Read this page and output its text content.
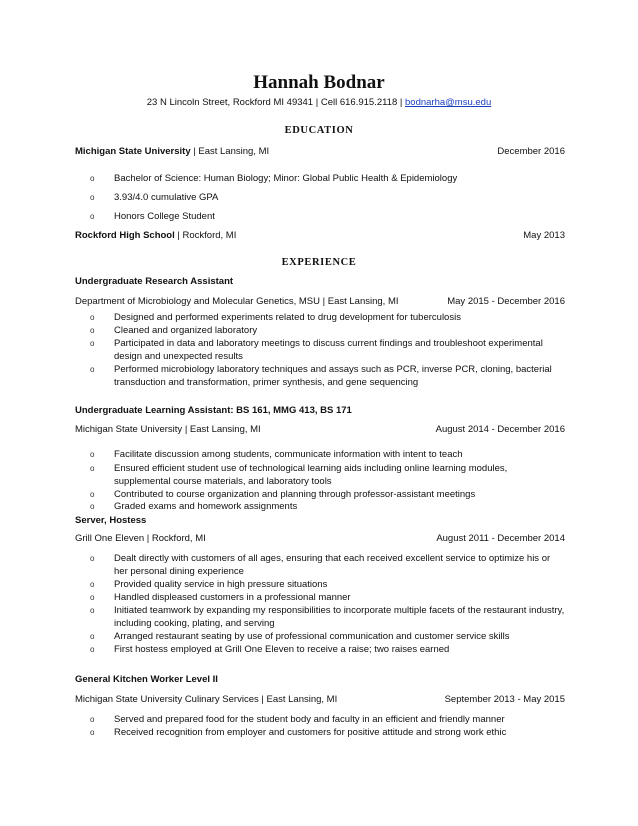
Hannah Bodnar
23 N Lincoln Street, Rockford MI 49341 | Cell 616.915.2118 | bodnarha@msu.edu
EDUCATION
Michigan State University | East Lansing, MI	December 2016
o Bachelor of Science: Human Biology; Minor: Global Public Health & Epidemiology
o 3.93/4.0 cumulative GPA
o Honors College Student
Rockford High School | Rockford, MI	May 2013
EXPERIENCE
Undergraduate Research Assistant
Department of Microbiology and Molecular Genetics, MSU | East Lansing, MI	May 2015 - December 2016
o Designed and performed experiments related to drug development for tuberculosis
o Cleaned and organized laboratory
o Participated in data and laboratory meetings to discuss current findings and troubleshoot experimental design and unexpected results
o Performed microbiology laboratory techniques and assays such as PCR, inverse PCR, cloning, bacterial transduction and transformation, primer synthesis, and gene sequencing
Undergraduate Learning Assistant: BS 161, MMG 413, BS 171
Michigan State University | East Lansing, MI	August 2014 - December 2016
o Facilitate discussion among students, communicate information with intent to teach
o Ensured efficient student use of technological learning aids including online learning modules, supplemental course materials, and laboratory tools
o Contributed to course organization and planning through professor-assistant meetings
o Graded exams and homework assignments
Server, Hostess
Grill One Eleven | Rockford, MI	August 2011 - December 2014
o Dealt directly with customers of all ages, ensuring that each received excellent service to optimize his or her personal dining experience
o Provided quality service in high pressure situations
o Handled displeased customers in a professional manner
o Initiated teamwork by expanding my responsibilities to incorporate multiple facets of the restaurant industry, including cooking, plating, and serving
o Arranged restaurant seating by use of professional communication and customer service skills
o First hostess employed at Grill One Eleven to receive a raise; two raises earned
General Kitchen Worker Level II
Michigan State University Culinary Services | East Lansing, MI	September 2013 - May 2015
o Served and prepared food for the student body and faculty in an efficient and friendly manner
o Received recognition from employer and customers for positive attitude and strong work ethic
